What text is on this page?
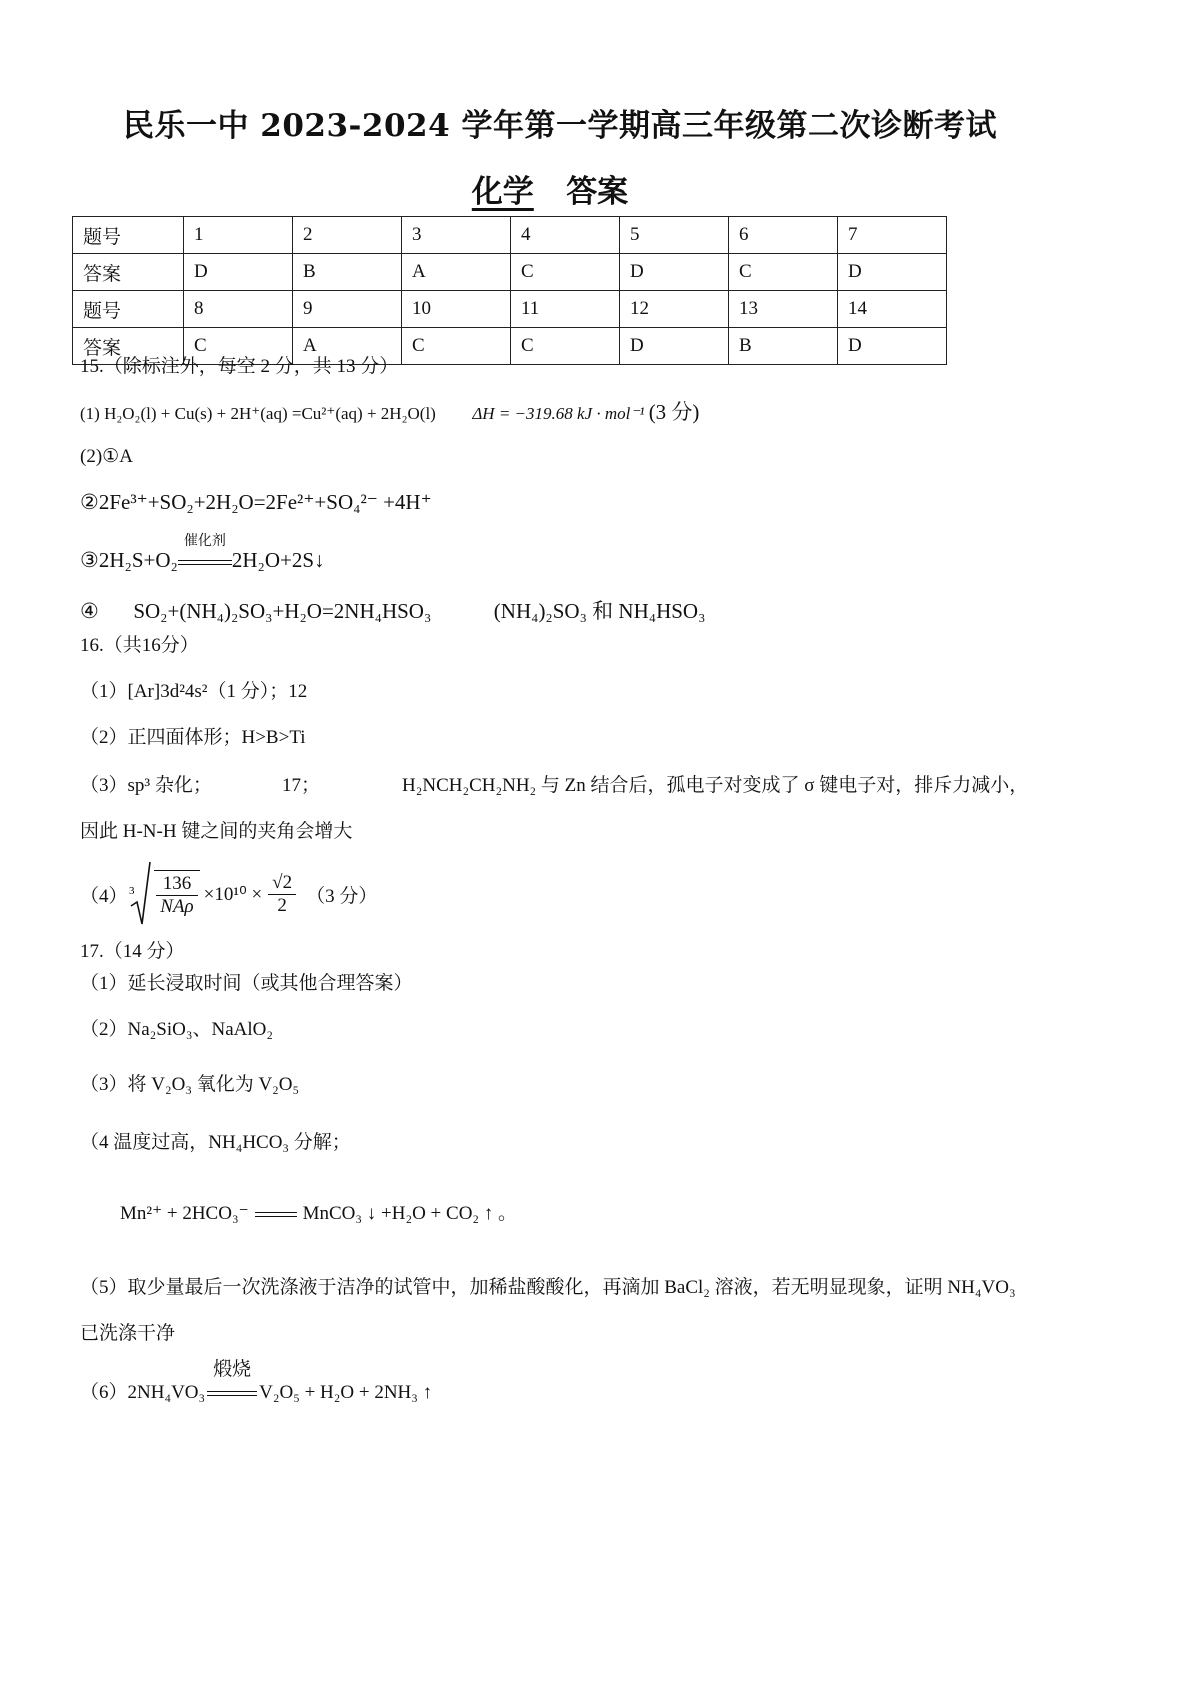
民乐一中 2023-2024 学年第一学期高三年级第二次诊断考试
化学 答案
题号	1	2	3	4	5	6	7
答案	D	B	A	C	D	C	D
题号	8	9	10	11	12	13	14
答案	C	A	C	C	D	B	D
15.（除标注外，每空 2 分，共 13 分）
(1) H₂O₂(l) + Cu(s) + 2H⁺(aq) =Cu²⁺(aq) + 2H₂O(l) ΔH = −319.68 kJ · mol⁻¹ (3 分)
(2)①A
②2Fe³⁺+SO₂+2H₂O=2Fe²⁺+SO₄²⁻ +4H⁺
③2H₂S+O₂
催化剂
2H₂O+2S↓
④ SO₂+(NH₄)₂SO₃+H₂O=2NH₄HSO₃	(NH₄)₂SO₃ 和 NH₄HSO₃
16.（共16分）
（1）[Ar]3d²4s²（1 分）；12
（2）正四面体形；H>B>Ti
（3）sp³ 杂化；	17；	H₂NCH₂CH₂NH₂ 与 Zn 结合后，孤电子对变成了 σ 键电子对，排斥力减小，
因此 H-N-H 键之间的夹角会增大
（4） 3
$\frac{136}{\text{NAρ}} \times 10^{10} \times \frac{√2}{2} (3$ 分）
17.（14 分）
（1）延长浸取时间（或其他合理答案）
（2）Na₂SiO₃、NaAlO₂
（3）将 V₂O₃ 氧化为 V₂O₅
（4 温度过高，NH₄HCO₃ 分解；
Mn²⁺ + 2HCO₃⁻	MnCO₃ ↓ +H₂O + CO₂ ↑ 。
（5）取少量最后一次洗涤液于洁净的试管中，加稀盐酸酸化，再滴加 BaCl₂ 溶液，若无明显现象，证明 NH₄VO₃
已洗涤干净
（6）2NH₄VO₃
煅烧
V₂O₅ + H₂O + 2NH₃ ↑
